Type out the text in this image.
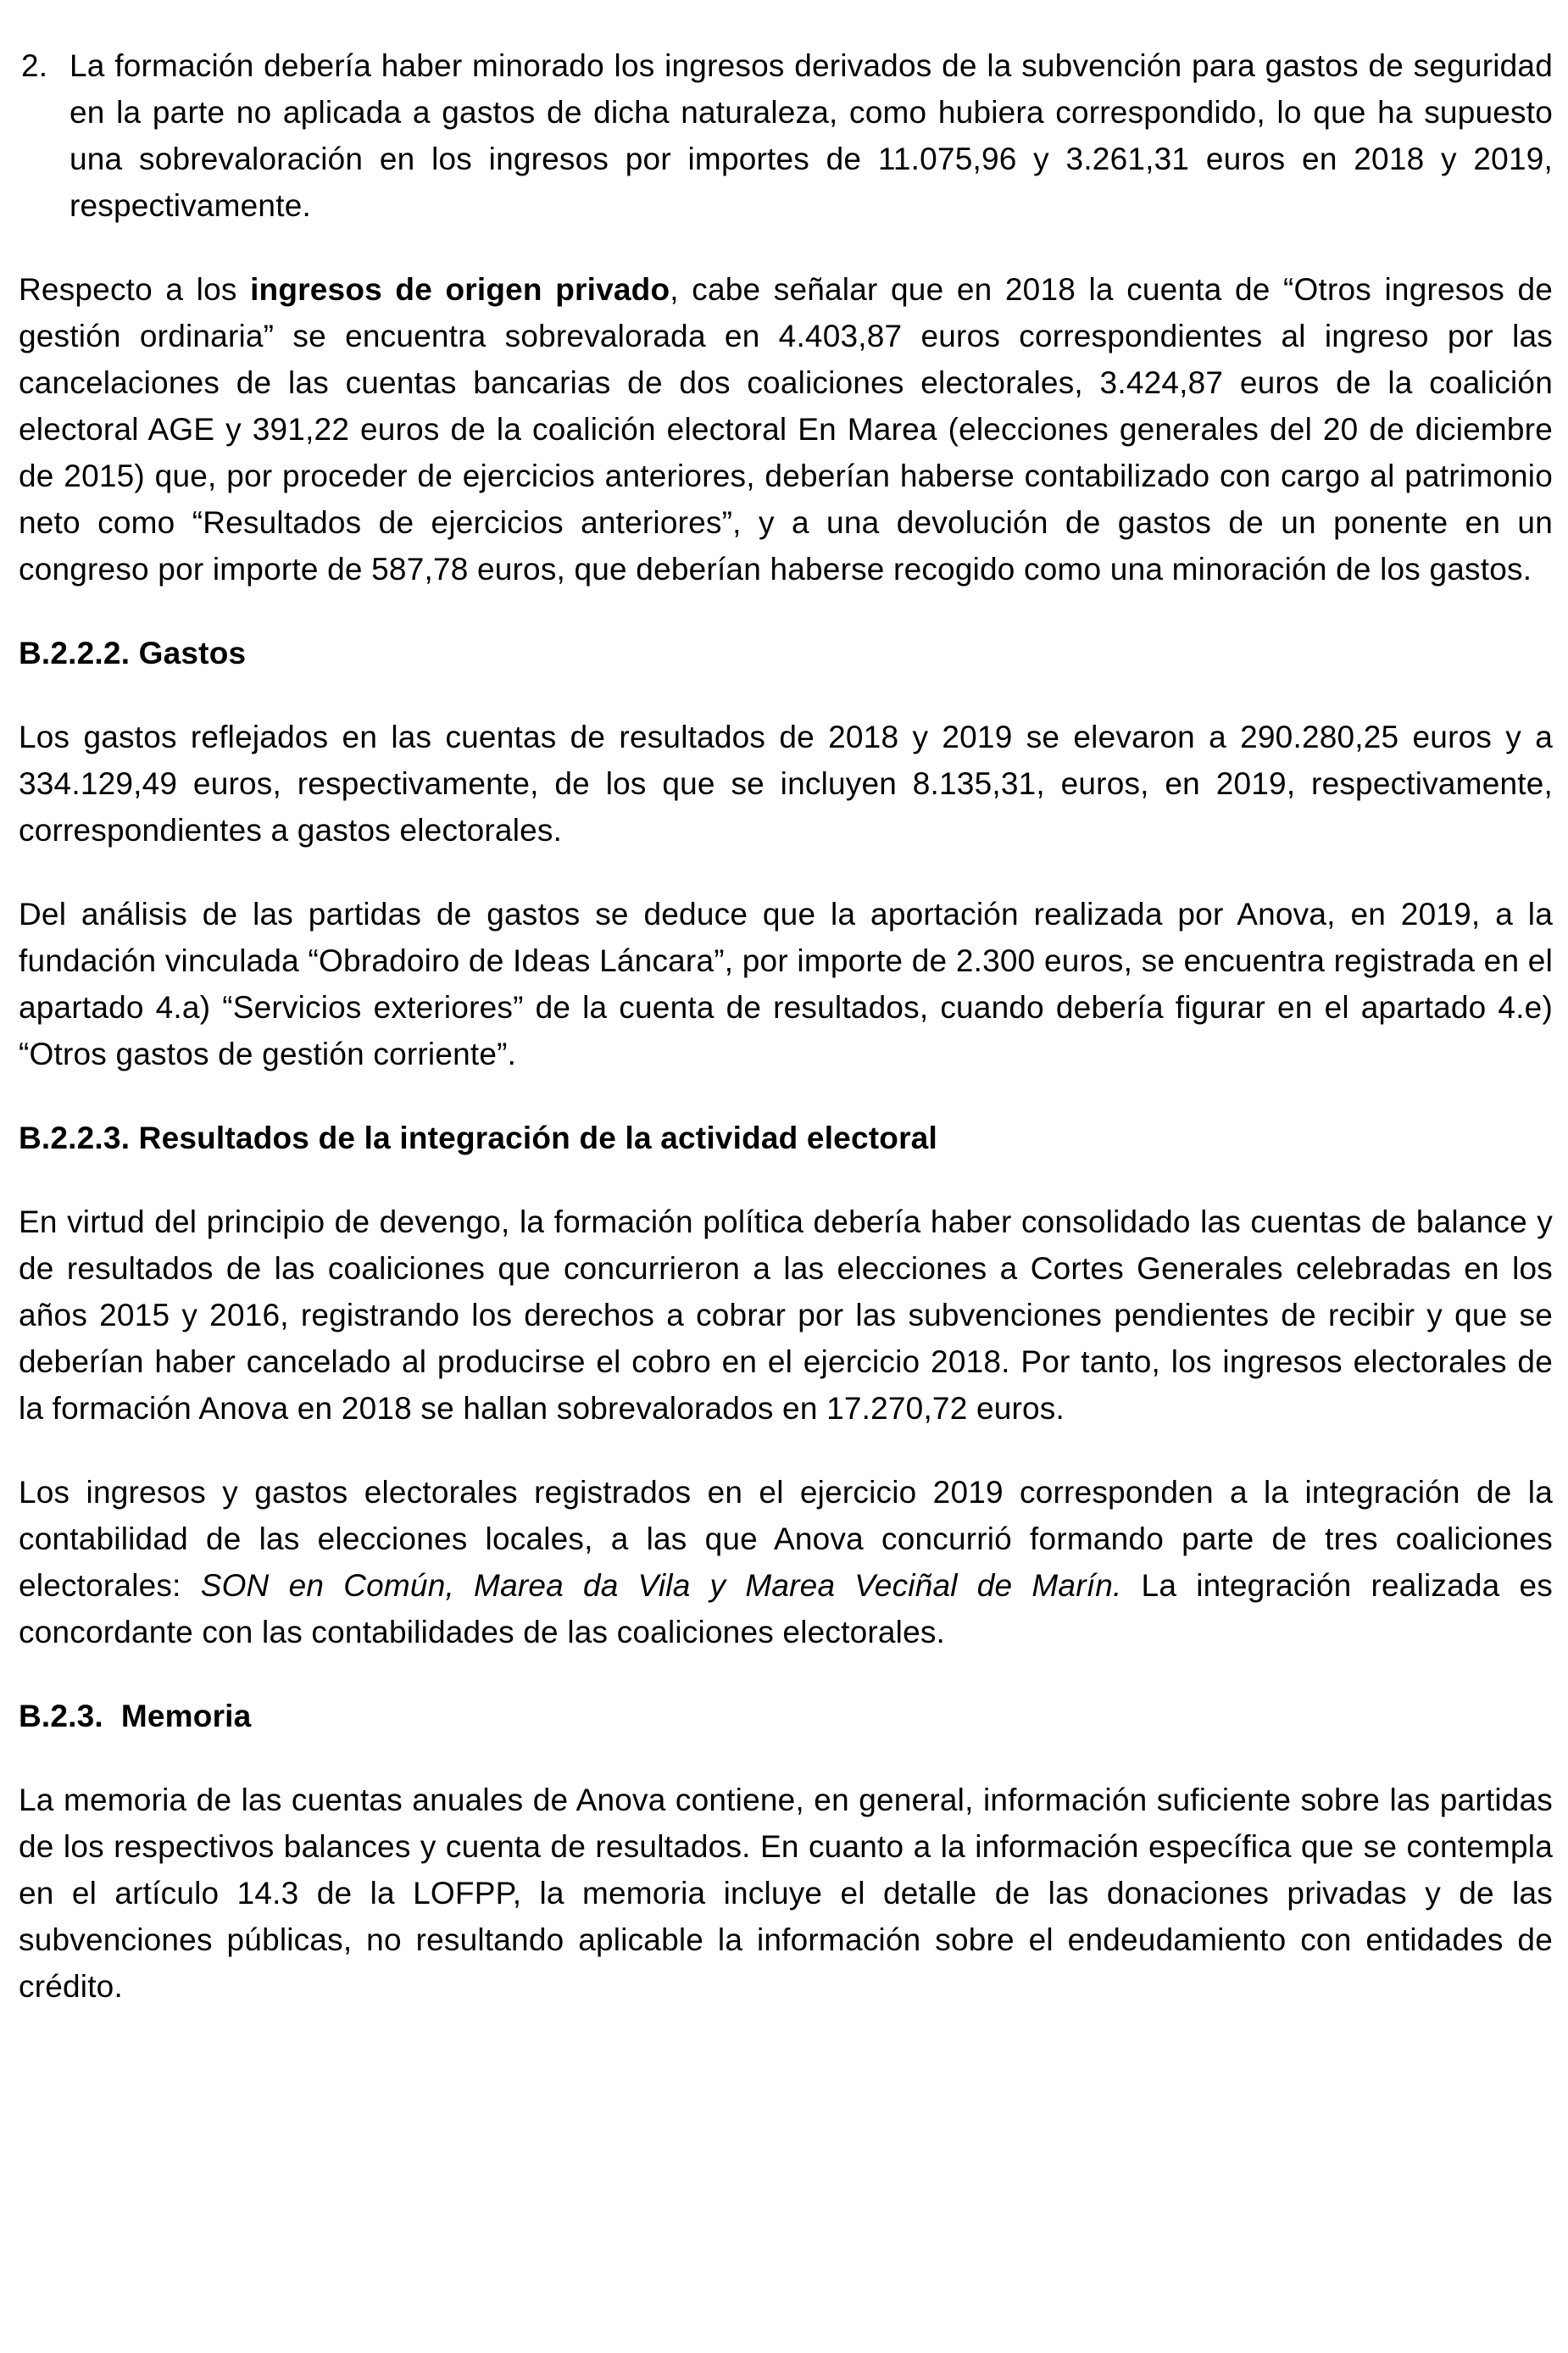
2. La formación debería haber minorado los ingresos derivados de la subvención para gastos de seguridad en la parte no aplicada a gastos de dicha naturaleza, como hubiera correspondido, lo que ha supuesto una sobrevaloración en los ingresos por importes de 11.075,96 y 3.261,31 euros en 2018 y 2019, respectivamente.

Respecto a los ingresos de origen privado, cabe señalar que en 2018 la cuenta de “Otros ingresos de gestión ordinaria” se encuentra sobrevalorada en 4.403,87 euros correspondientes al ingreso por las cancelaciones de las cuentas bancarias de dos coaliciones electorales, 3.424,87 euros de la coalición electoral AGE y 391,22 euros de la coalición electoral En Marea (elecciones generales del 20 de diciembre de 2015) que, por proceder de ejercicios anteriores, deberían haberse contabilizado con cargo al patrimonio neto como “Resultados de ejercicios anteriores”, y a una devolución de gastos de un ponente en un congreso por importe de 587,78 euros, que deberían haberse recogido como una minoración de los gastos.

B.2.2.2. Gastos

Los gastos reflejados en las cuentas de resultados de 2018 y 2019 se elevaron a 290.280,25 euros y a 334.129,49 euros, respectivamente, de los que se incluyen 8.135,31, euros, en 2019, respectivamente, correspondientes a gastos electorales.

Del análisis de las partidas de gastos se deduce que la aportación realizada por Anova, en 2019, a la fundación vinculada “Obradoiro de Ideas Láncara”, por importe de 2.300 euros, se encuentra registrada en el apartado 4.a) “Servicios exteriores” de la cuenta de resultados, cuando debería figurar en el apartado 4.e) “Otros gastos de gestión corriente”.

B.2.2.3. Resultados de la integración de la actividad electoral

En virtud del principio de devengo, la formación política debería haber consolidado las cuentas de balance y de resultados de las coaliciones que concurrieron a las elecciones a Cortes Generales celebradas en los años 2015 y 2016, registrando los derechos a cobrar por las subvenciones pendientes de recibir y que se deberían haber cancelado al producirse el cobro en el ejercicio 2018. Por tanto, los ingresos electorales de la formación Anova en 2018 se hallan sobrevalorados en 17.270,72 euros.

Los ingresos y gastos electorales registrados en el ejercicio 2019 corresponden a la integración de la contabilidad de las elecciones locales, a las que Anova concurrió formando parte de tres coaliciones electorales: SON en Común, Marea da Vila y Marea Veciñal de Marín. La integración realizada es concordante con las contabilidades de las coaliciones electorales.

B.2.3.  Memoria

La memoria de las cuentas anuales de Anova contiene, en general, información suficiente sobre las partidas de los respectivos balances y cuenta de resultados. En cuanto a la información específica que se contempla en el artículo 14.3 de la LOFPP, la memoria incluye el detalle de las donaciones privadas y de las subvenciones públicas, no resultando aplicable la información sobre el endeudamiento con entidades de crédito.
